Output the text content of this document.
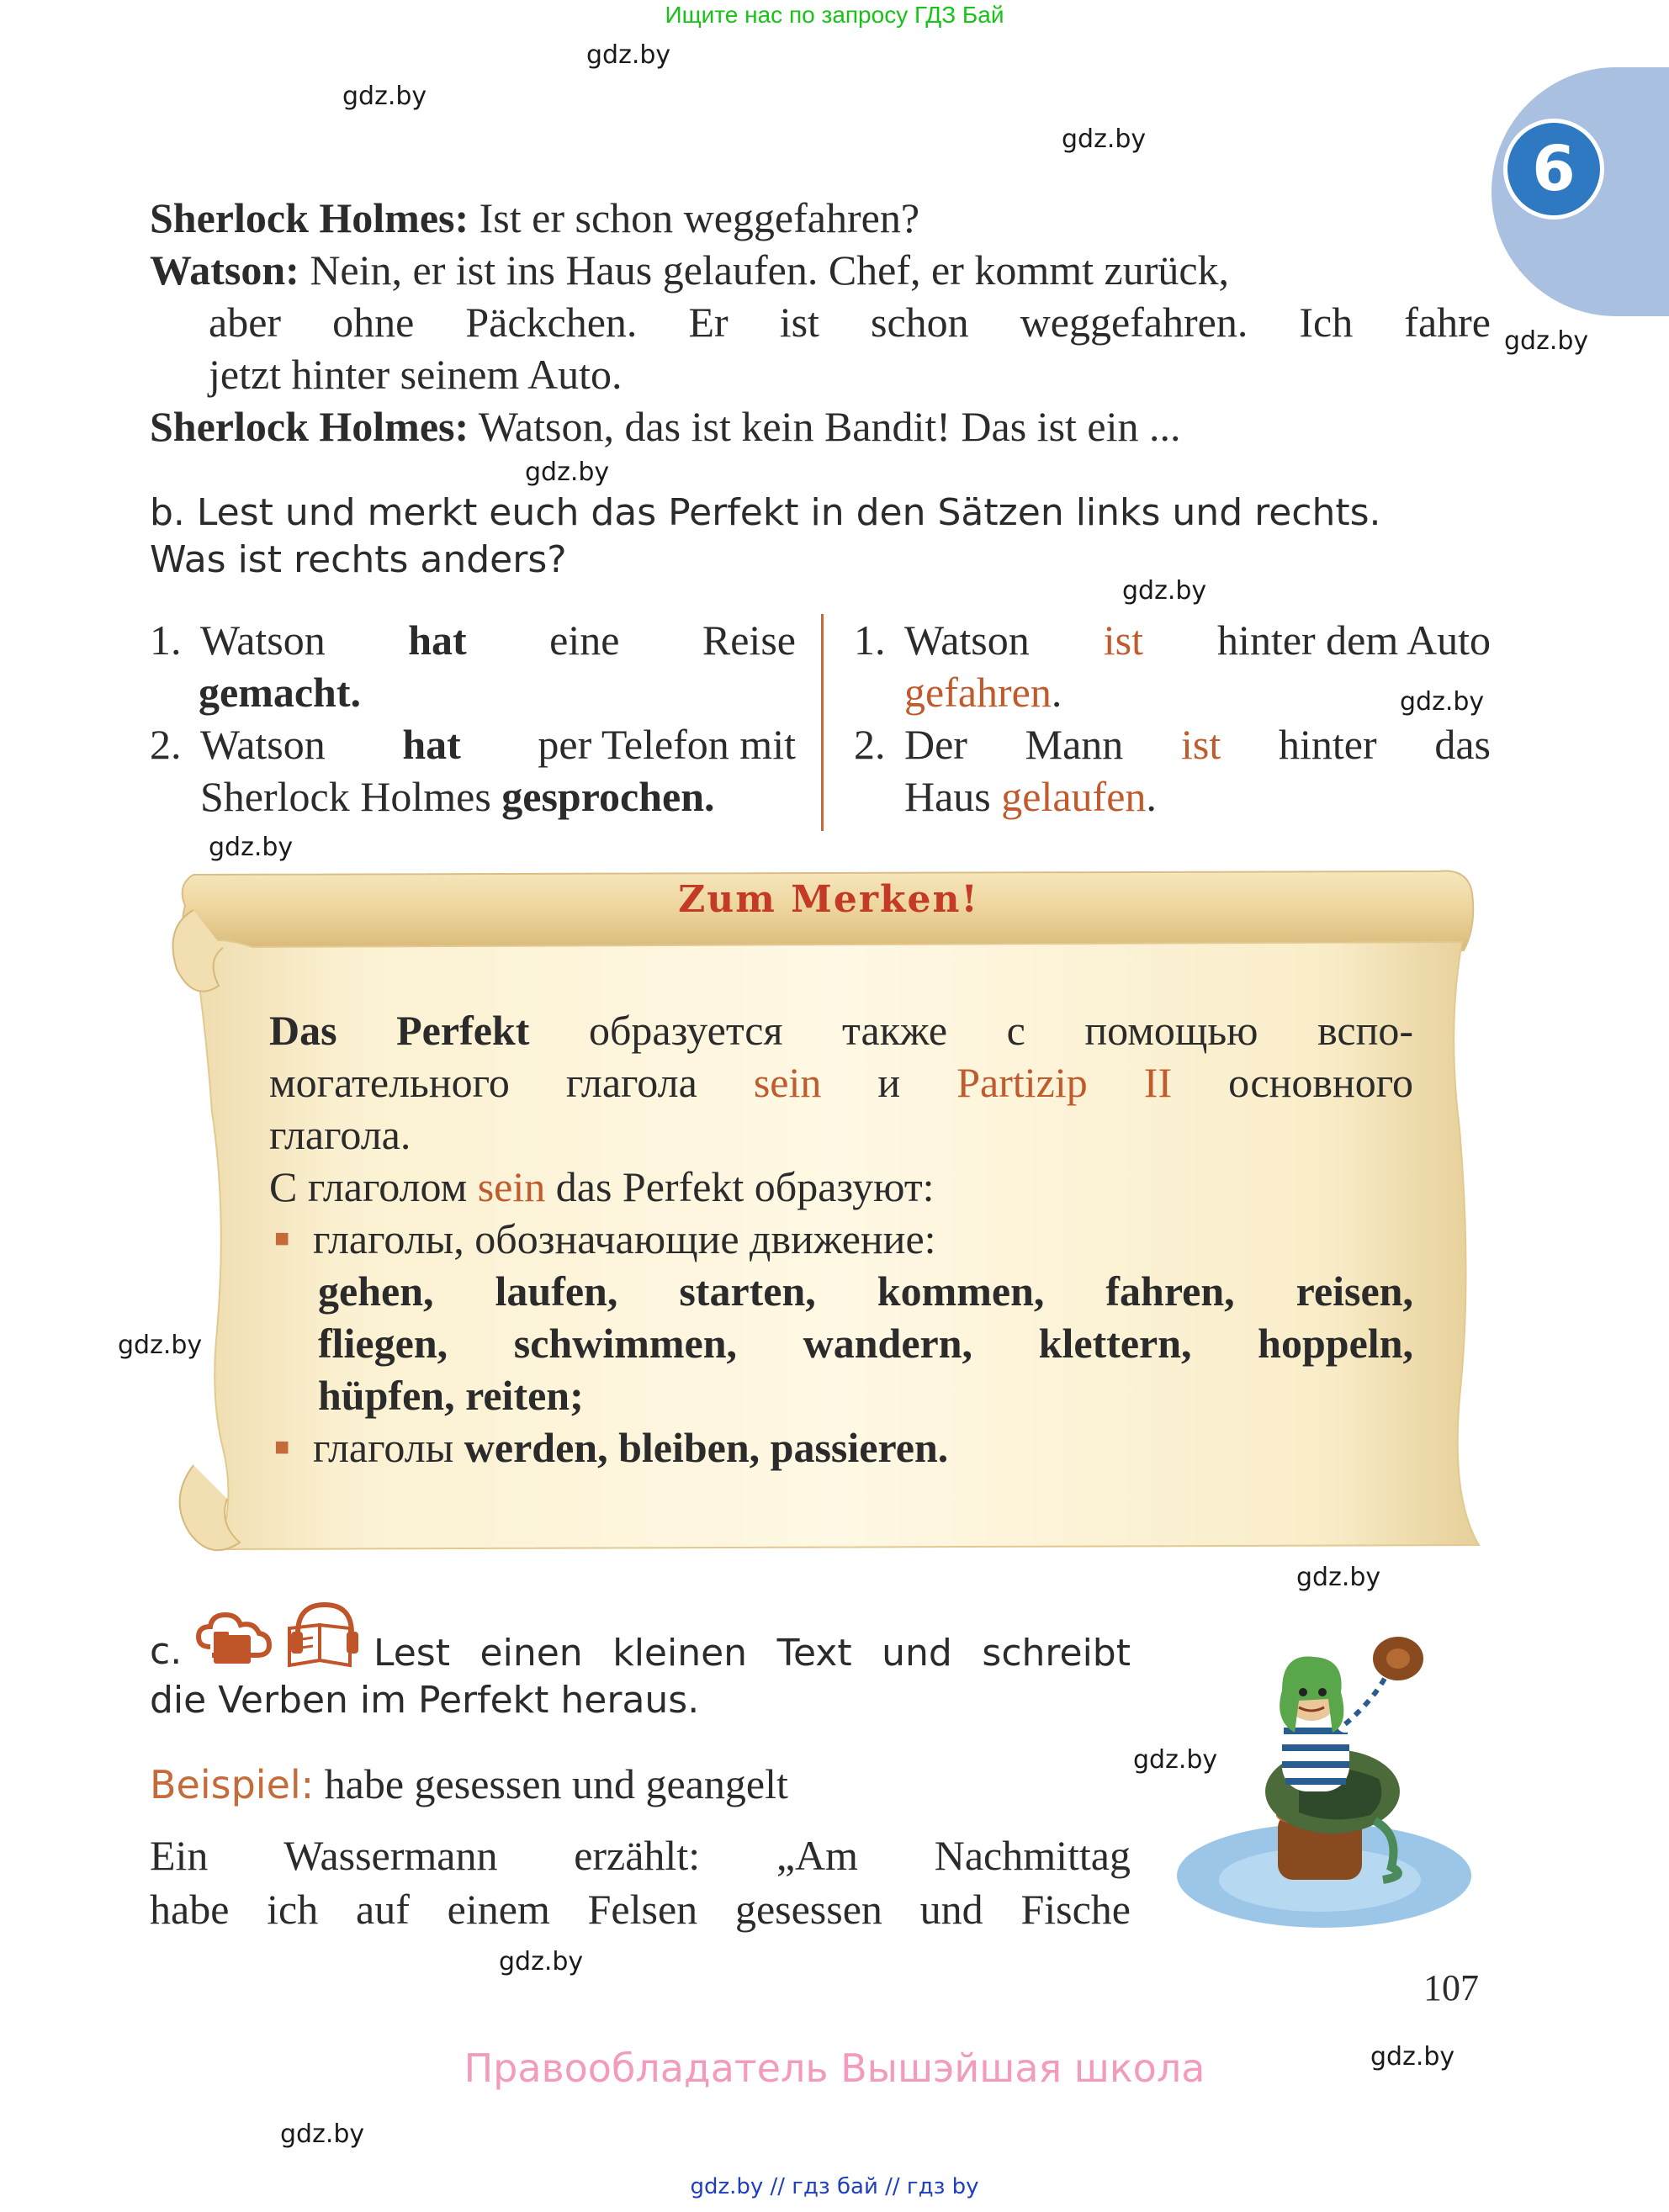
Ищите нас по запросу ГДЗ Бай
gdz.by
gdz.by
gdz.by
gdz.by
gdz.by
gdz.by
gdz.by
gdz.by
gdz.by
gdz.by
gdz.by
gdz.by
gdz.by
gdz.by
6

Sherlock Holmes: Ist er schon weggefahren?

Watson: Nein, er ist ins Haus gelaufen. Chef, er kommt zurück,

aber ohne Päckchen. Er ist schon weggefahren. Ich fahre

jetzt hinter seinem Auto.

Sherlock Holmes: Watson, das ist kein Bandit! Das ist ein ...

b. Lest und merkt euch das Perfekt in den Sätzen links und rechts.
Was ist rechts anders?
1. Watson hat eine Reise
gemacht.
2. Watson hat per Telefon mit
Sherlock Holmes gesprochen.
1. Watson ist hinter dem Auto
gefahren.
2. Der Mann ist hinter das
Haus gelaufen.
Zum Merken!
Das Perfekt образуется также с помощью вспо-
могательного глагола sein и Partizip II основного
глагола.
С глаголом sein das Perfekt образуют:
■ глаголы, обозначающие движение:
gehen, laufen, starten, kommen, fahren, reisen,
fliegen, schwimmen, wandern, klettern, hoppeln,
hüpfen, reiten;
■ глаголы werden, bleiben, passieren.
c.	Lest einen kleinen Text und schreibt
die Verben im Perfekt heraus.
Beispiel: habe gesessen und geangelt

Ein Wassermann erzählt: „Am Nachmittag

habe ich auf einem Felsen gesessen und Fische

107
Правообладатель Вышэйшая школа
gdz.by // гдз бай // гдз by
